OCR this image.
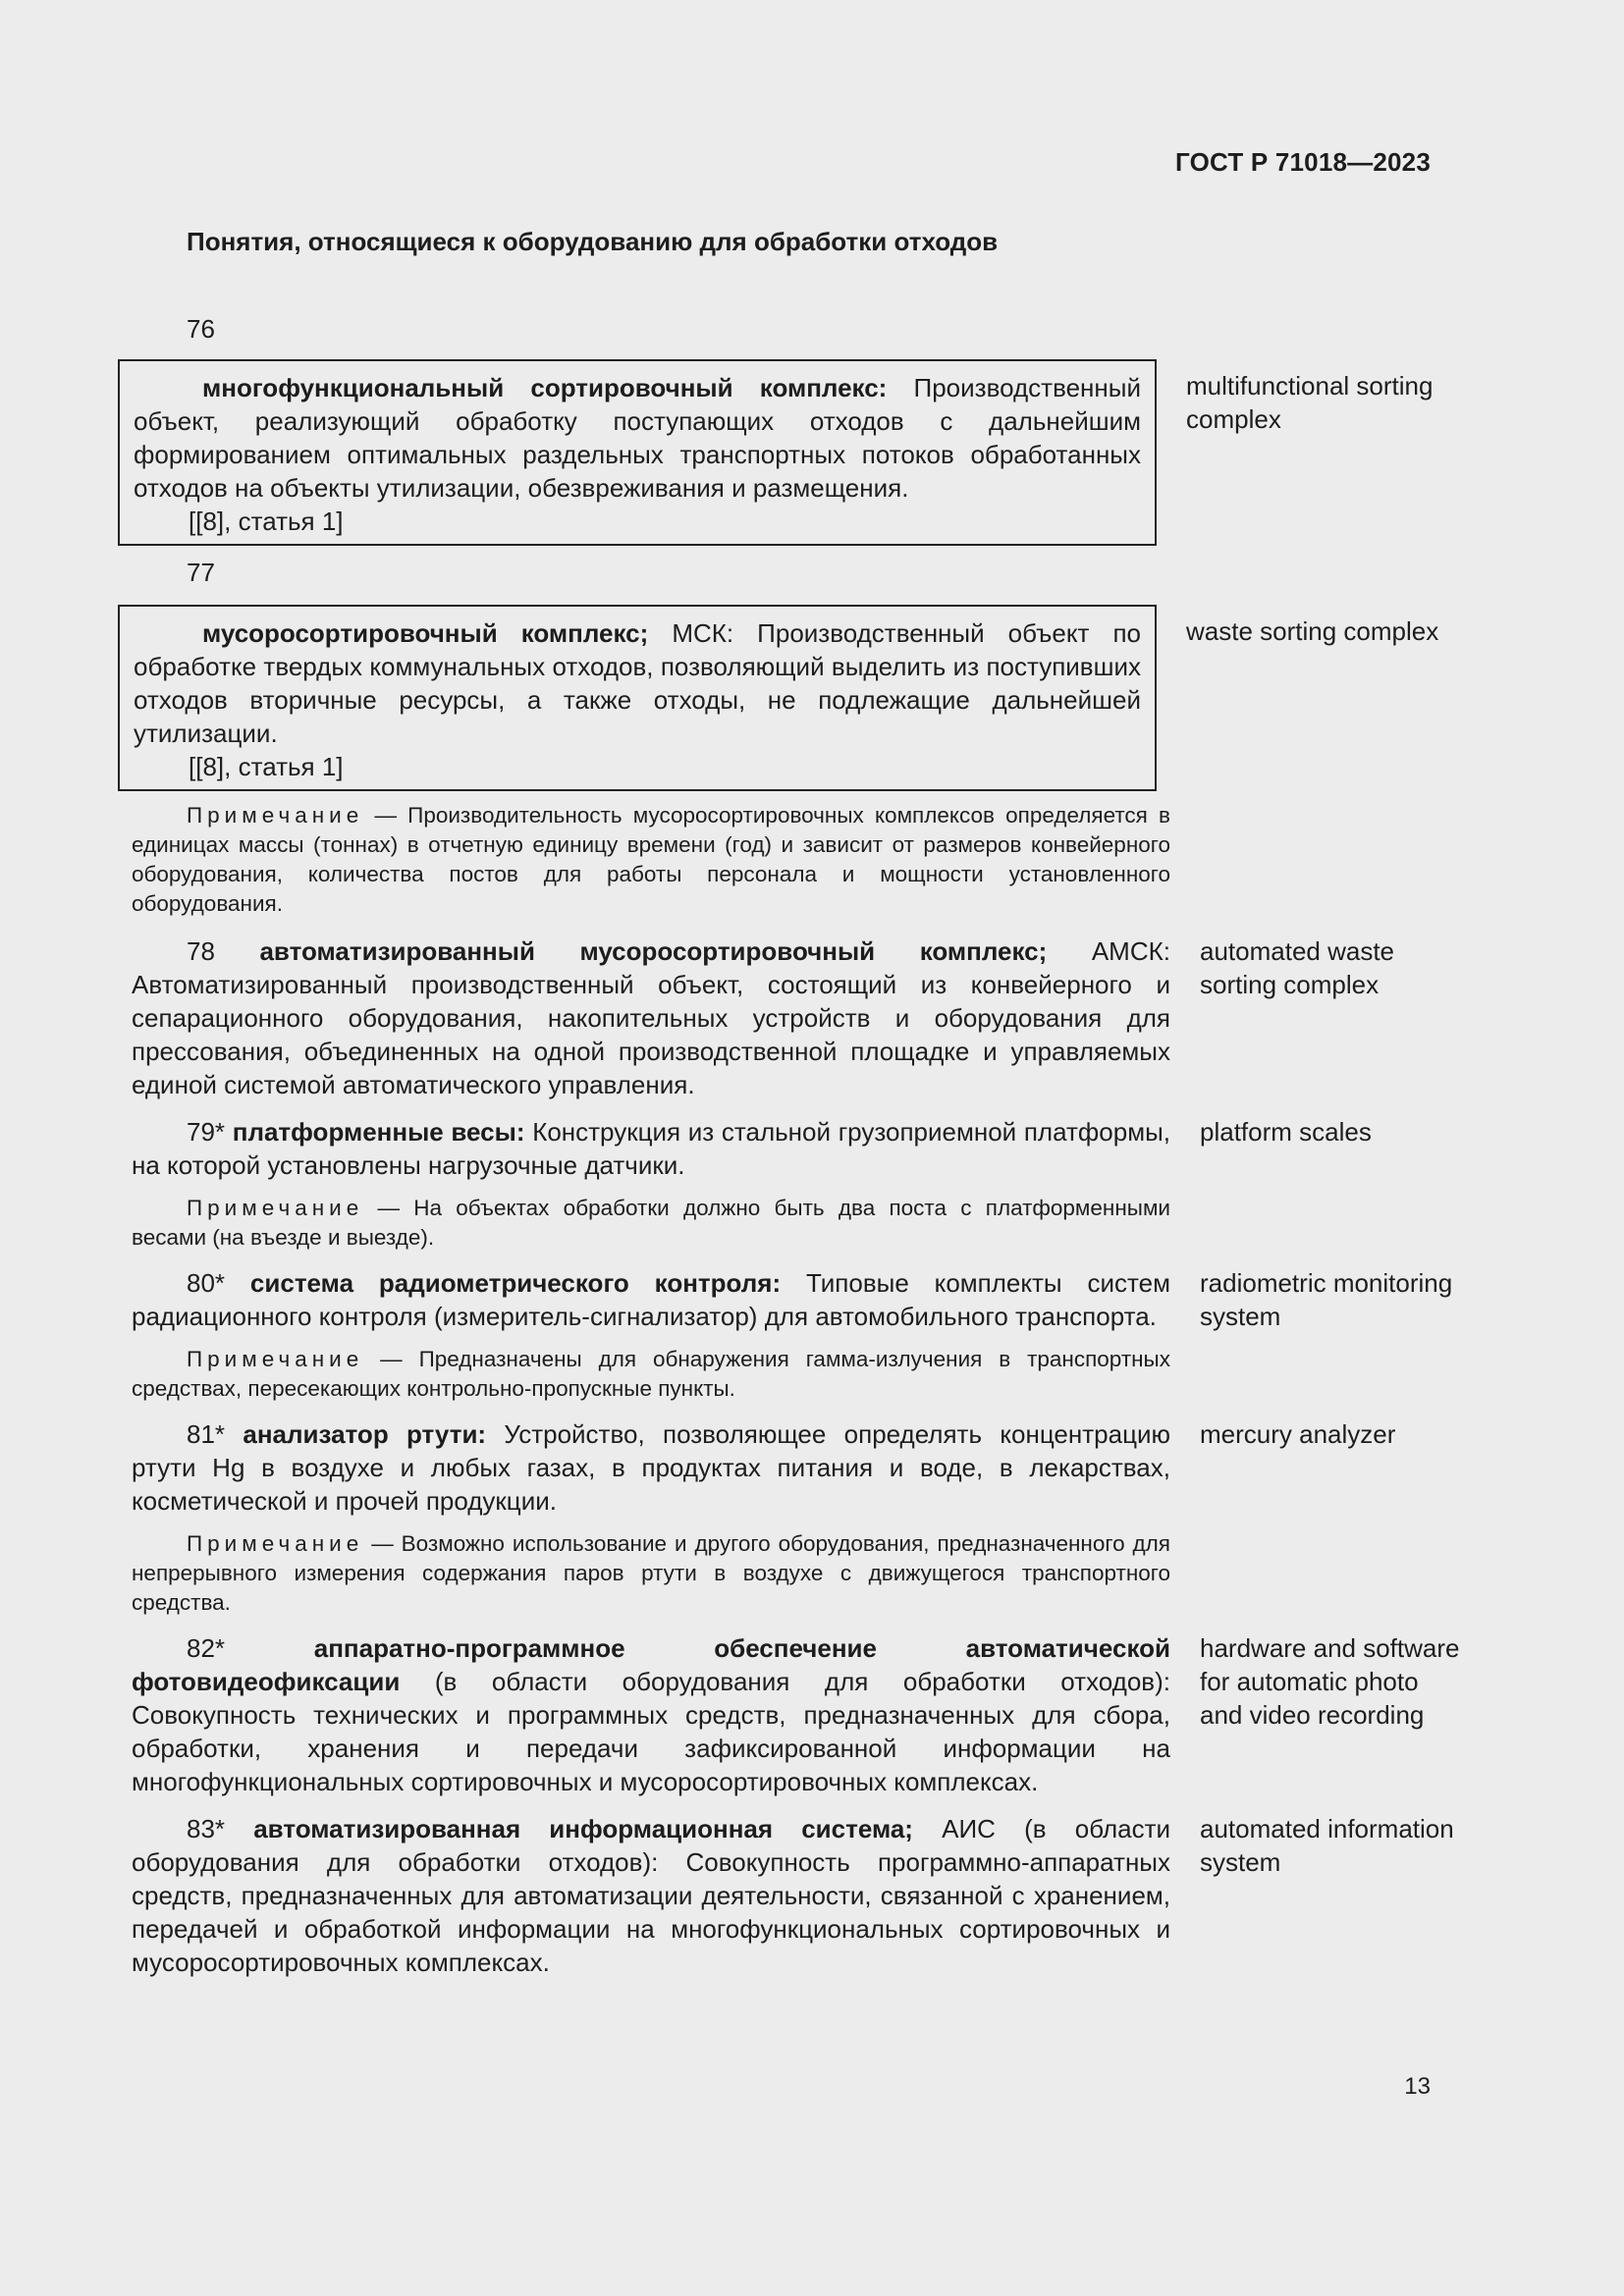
ГОСТ Р 71018—2023
Понятия, относящиеся к оборудованию для обработки отходов
76
многофункциональный сортировочный комплекс: Производственный объект, реализующий обработку поступающих отходов с дальнейшим формированием оптимальных раздельных транспортных потоков обработанных отходов на объекты утилизации, обезвреживания и размещения.
[[8], статья 1]
multifunctional sorting complex
77
мусоросортировочный комплекс; МСК: Производственный объект по обработке твердых коммунальных отходов, позволяющий выделить из поступивших отходов вторичные ресурсы, а также отходы, не подлежащие дальнейшей утилизации.
[[8], статья 1]
waste sorting complex
Примечание — Производительность мусоросортировочных комплексов определяется в единицах массы (тоннах) в отчетную единицу времени (год) и зависит от размеров конвейерного оборудования, количества постов для работы персонала и мощности установленного оборудования.
78 автоматизированный мусоросортировочный комплекс; АМСК: Автоматизированный производственный объект, состоящий из конвейерного и сепарационного оборудования, накопительных устройств и оборудования для прессования, объединенных на одной производственной площадке и управляемых единой системой автоматического управления.
automated waste sorting complex
79* платформенные весы: Конструкция из стальной грузоприемной платформы, на которой установлены нагрузочные датчики.
platform scales
Примечание — На объектах обработки должно быть два поста с платформенными весами (на въезде и выезде).
80* система радиометрического контроля: Типовые комплекты систем радиационного контроля (измеритель-сигнализатор) для автомобильного транспорта.
radiometric monitoring system
Примечание — Предназначены для обнаружения гамма-излучения в транспортных средствах, пересекающих контрольно-пропускные пункты.
81* анализатор ртути: Устройство, позволяющее определять концентрацию ртути Hg в воздухе и любых газах, в продуктах питания и воде, в лекарствах, косметической и прочей продукции.
mercury analyzer
Примечание — Возможно использование и другого оборудования, предназначенного для непрерывного измерения содержания паров ртути в воздухе с движущегося транспортного средства.
82*	аппаратно-программное обеспечение автоматической фотовидеофиксации (в области оборудования для обработки отходов): Совокупность технических и программных средств, предназначенных для сбора, обработки, хранения и передачи зафиксированной информации на многофункциональных сортировочных и мусоросортировочных комплексах.
hardware and software for automatic photo and video recording
83* автоматизированная информационная система; АИС (в области оборудования для обработки отходов): Совокупность программно-аппаратных средств, предназначенных для автоматизации деятельности, связанной с хранением, передачей и обработкой информации на многофункциональных сортировочных и мусоросортировочных комплексах.
automated information system
13
